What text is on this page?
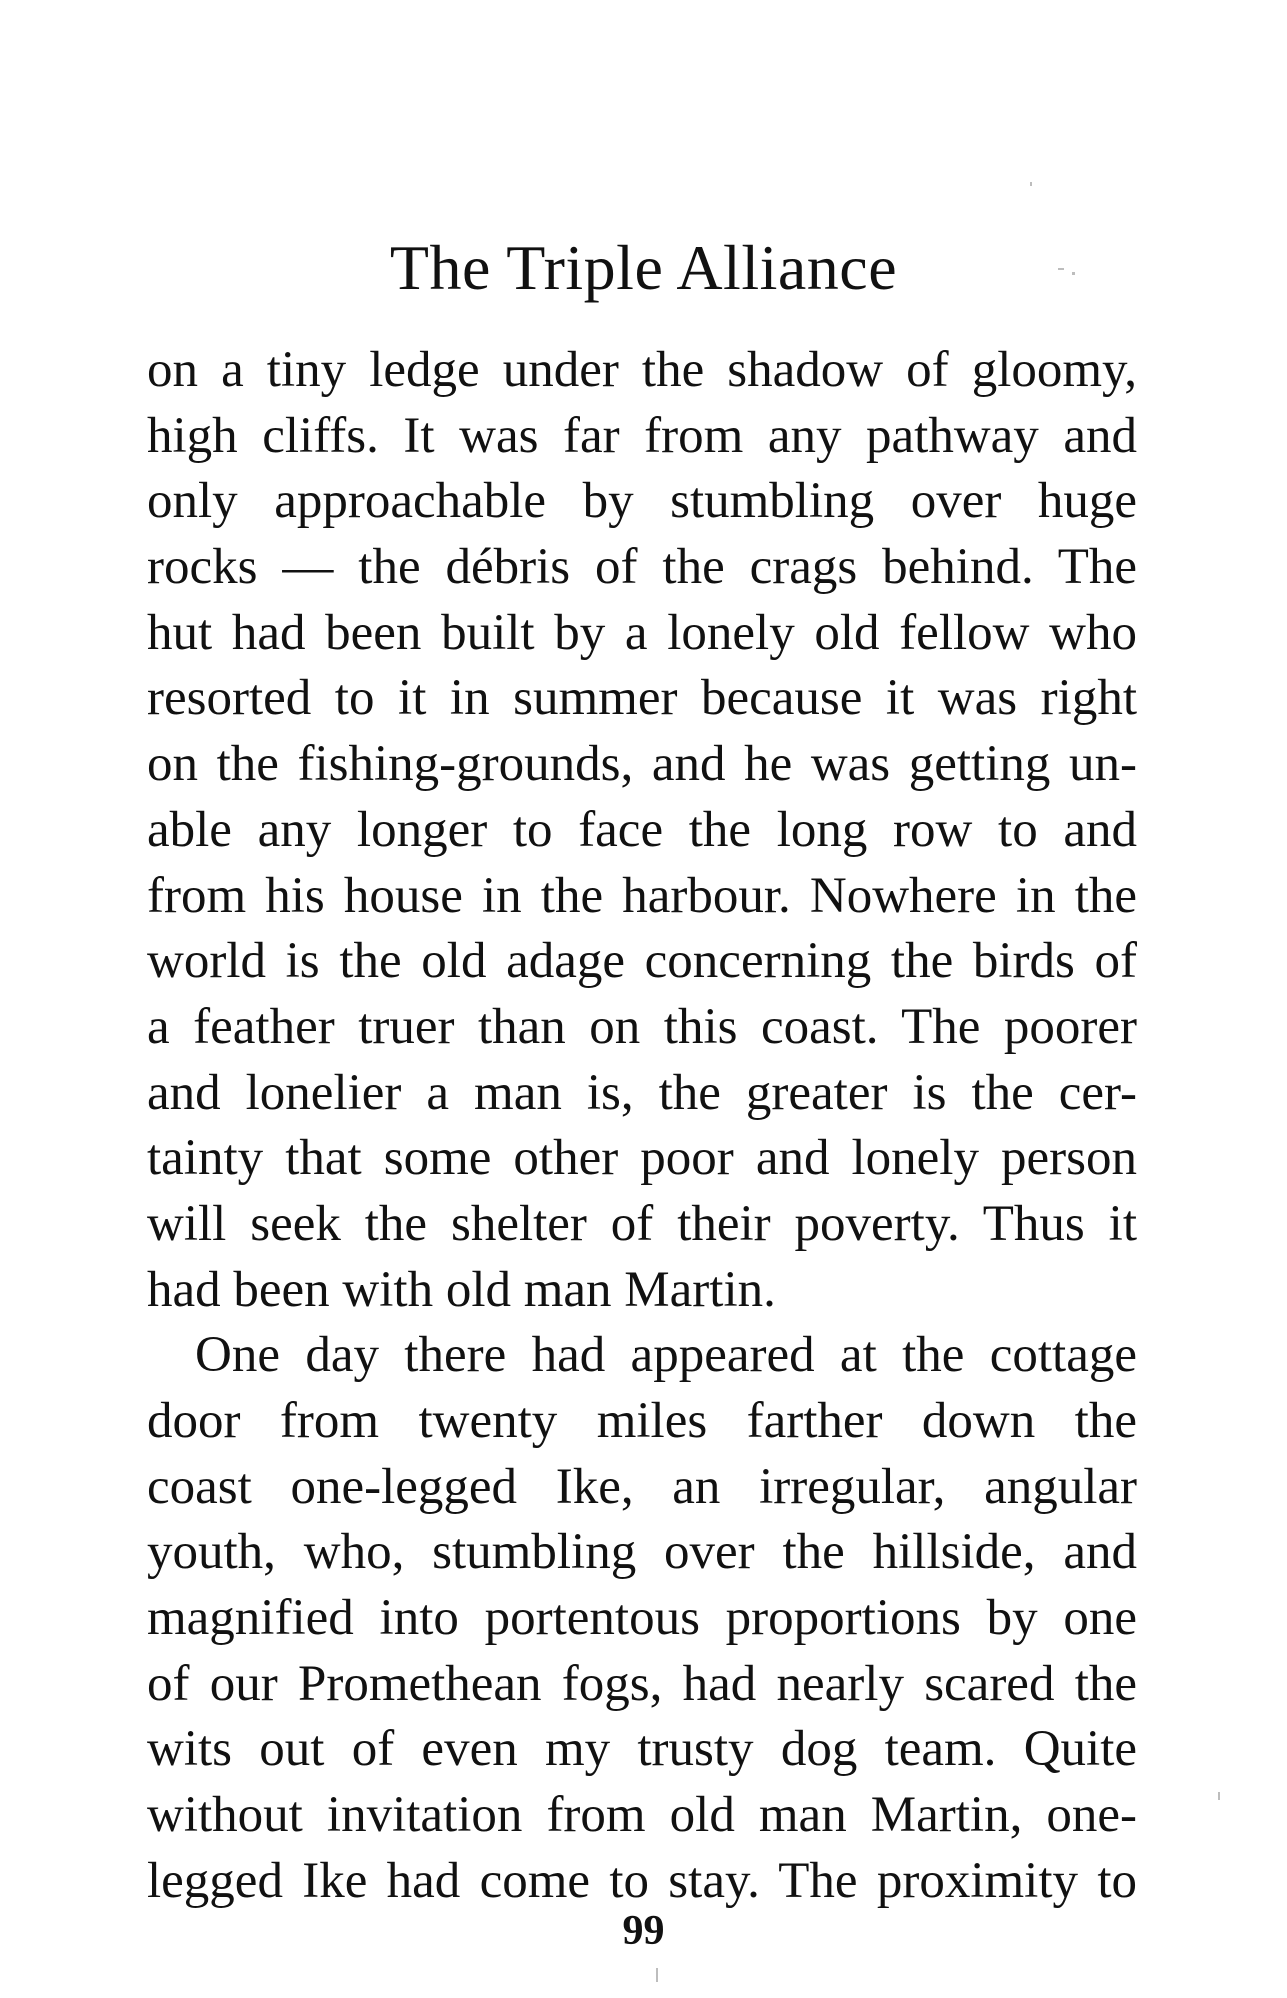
The Triple Alliance
on a tiny ledge under the shadow of gloomy,
high cliffs. It was far from any pathway and
only approachable by stumbling over huge
rocks — the débris of the crags behind. The
hut had been built by a lonely old fellow who
resorted to it in summer because it was right
on the fishing-grounds, and he was getting un-
able any longer to face the long row to and
from his house in the harbour. Nowhere in the
world is the old adage concerning the birds of
a feather truer than on this coast. The poorer
and lonelier a man is, the greater is the cer-
tainty that some other poor and lonely person
will seek the shelter of their poverty. Thus it
had been with old man Martin.
One day there had appeared at the cottage
door from twenty miles farther down the
coast one-legged Ike, an irregular, angular
youth, who, stumbling over the hillside, and
magnified into portentous proportions by one
of our Promethean fogs, had nearly scared the
wits out of even my trusty dog team. Quite
without invitation from old man Martin, one-
legged Ike had come to stay. The proximity to
99
